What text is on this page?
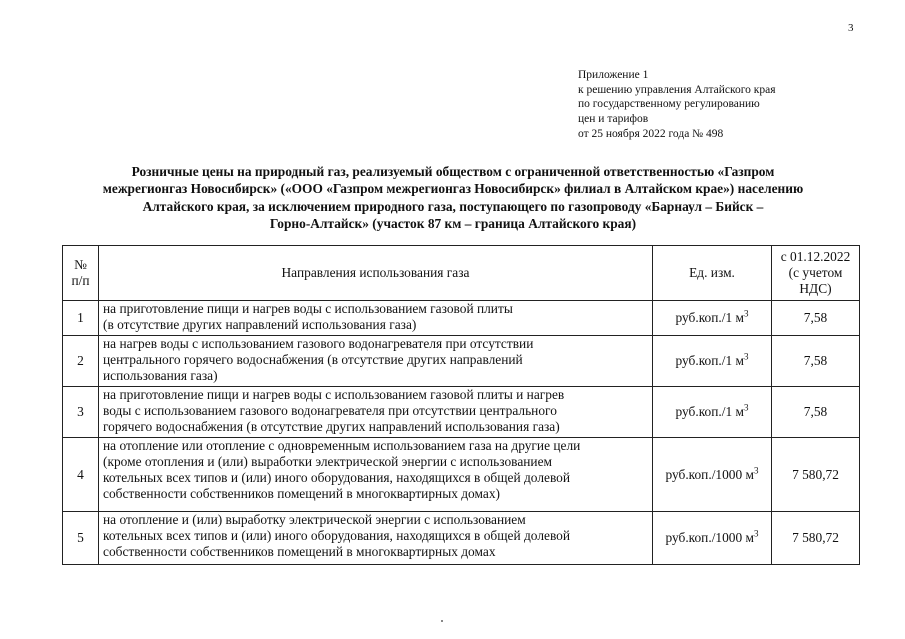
3
Приложение 1
к решению управления Алтайского края
по государственному регулированию
цен и тарифов
от 25 ноября 2022 года № 498
Розничные цены на природный газ, реализуемый обществом с ограниченной ответственностью «Газпром
межрегионгаз Новосибирск» («ООО «Газпром межрегионгаз Новосибирск» филиал в Алтайском крае») населению
Алтайского края, за исключением природного газа, поступающего по газопроводу «Барнаул – Бийск –
Горно-Алтайск» (участок 87 км – граница Алтайского края)
№
п/п	Направления использования газа	Ед. изм.	с 01.12.2022
(с учетом
НДС)

1	на приготовление пищи и нагрев воды с использованием газовой плиты
(в отсутствие других направлений использования газа)	руб.коп./1 $м^3$	7,58
2	на нагрев воды с использованием газового водонагревателя при отсутствии
центрального горячего водоснабжения (в отсутствие других направлений
использования газа)	руб.коп./1 $м^3$	7,58
3	на приготовление пищи и нагрев воды с использованием газовой плиты и нагрев
воды с использованием газового водонагревателя при отсутствии центрального
горячего водоснабжения (в отсутствие других направлений использования газа)	руб.коп./1 $м^3$	7,58
4	на отопление или отопление с одновременным использованием газа на другие цели
(кроме отопления и (или) выработки электрической энергии с использованием
котельных всех типов и (или) иного оборудования, находящихся в общей долевой
собственности собственников помещений в многоквартирных домах)	руб.коп./1000 $м^3$	7 580,72
5	на отопление и (или) выработку электрической энергии с использованием
котельных всех типов и (или) иного оборудования, находящихся в общей долевой
собственности собственников помещений в многоквартирных домах	руб.коп./1000 $м^3$	7 580,72
